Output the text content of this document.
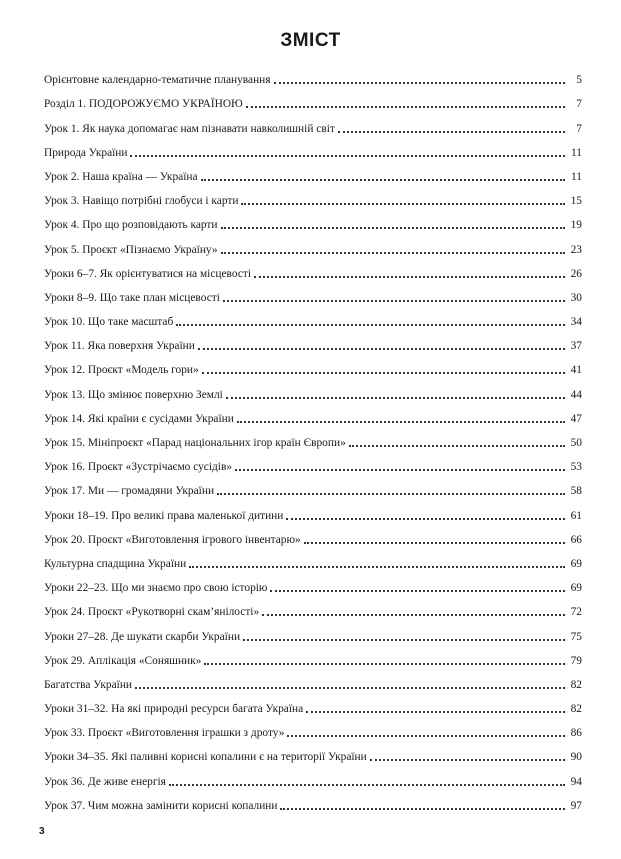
ЗМІСТ
Орієнтовне календарно-тематичне планування	5
Розділ 1. ПОДОРОЖУЄМО УКРАЇНОЮ	7
Урок 1. Як наука допомагає нам пізнавати навколишній світ	7
Природа України	11
Урок 2. Наша країна — Україна	11
Урок 3. Навіщо потрібні глобуси і карти	15
Урок 4. Про що розповідають карти	19
Урок 5. Проєкт «Пізнаємо Україну»	23
Уроки 6–7. Як орієнтуватися на місцевості	26
Уроки 8–9. Що таке план місцевості	30
Урок 10. Що таке масштаб	34
Урок 11. Яка поверхня України	37
Урок 12. Проєкт «Модель гори»	41
Урок 13. Що змінює поверхню Землі	44
Урок 14. Які країни є сусідами України	47
Урок 15. Мініпроєкт «Парад національних ігор країн Європи»	50
Урок 16. Проєкт «Зустрічаємо сусідів»	53
Урок 17. Ми — громадяни України	58
Уроки 18–19. Про великі права маленької дитини	61
Урок 20. Проєкт «Виготовлення ігрового інвентарю»	66
Культурна спадщина України	69
Уроки 22–23. Що ми знаємо про свою історію	69
Урок 24. Проєкт «Рукотворні скам’янілості»	72
Уроки 27–28. Де шукати скарби України	75
Урок 29. Аплікація «Соняшник»	79
Багатства України	82
Уроки 31–32. На які природні ресурси багата Україна	82
Урок 33. Проєкт «Виготовлення іграшки з дроту»	86
Уроки 34–35. Які паливні корисні копалини є на території України	90
Урок 36. Де живе енергія	94
Урок 37. Чим можна замінити корисні копалини	97
3
